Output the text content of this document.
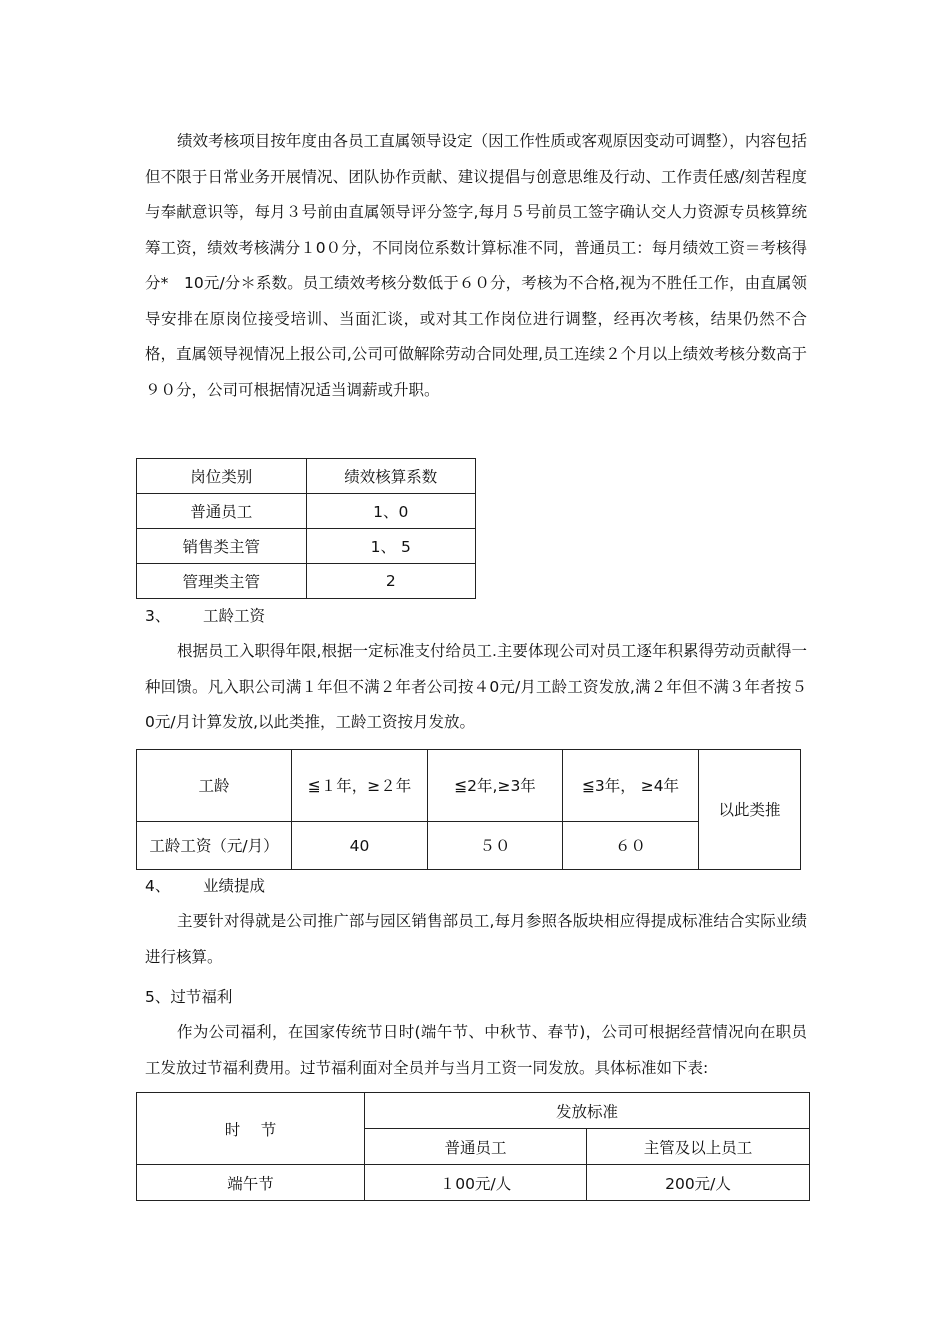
绩效考核项目按年度由各员工直属领导设定（因工作性质或客观原因变动可调整），内容包括但不限于日常业务开展情况、团队协作贡献、建议提倡与创意思维及行动、工作责任感/刻苦程度与奉献意识等，每月３号前由直属领导评分签字,每月５号前员工签字确认交人力资源专员核算统筹工资，绩效考核满分１0０分，不同岗位系数计算标准不同，普通员工：每月绩效工资＝考核得分*　10元/分＊系数。员工绩效考核分数低于６０分，考核为不合格,视为不胜任工作，由直属领导安排在原岗位接受培训、当面汇谈，或对其工作岗位进行调整，经再次考核，结果仍然不合格，直属领导视情况上报公司,公司可做解除劳动合同处理,员工连续２个月以上绩效考核分数高于９０分，公司可根据情况适当调薪或升职。

岗位类别	绩效核算系数
普通员工	1、0
销售类主管	1、 5
管理类主管	2

3、 工龄工资

根据员工入职得年限,根据一定标准支付给员工.主要体现公司对员工逐年积累得劳动贡献得一种回馈。凡入职公司满１年但不满２年者公司按４0元/月工龄工资发放,满２年但不满３年者按５0元/月计算发放,以此类推，工龄工资按月发放。

工龄	≦１年，≥２年	≦2年,≥3年	≦3年， ≥4年	以此类推
工龄工资（元/月）	40	５０	６０	

4、 业绩提成

主要针对得就是公司推广部与园区销售部员工,每月参照各版块相应得提成标准结合实际业绩进行核算。

5、过节福利

作为公司福利，在国家传统节日时(端午节、中秋节、春节)，公司可根据经营情况向在职员工发放过节福利费用。过节福利面对全员并与当月工资一同发放。具体标准如下表:

时　 节	发放标准	
	普通员工	主管及以上员工
端午节	１00元/人	200元/人
